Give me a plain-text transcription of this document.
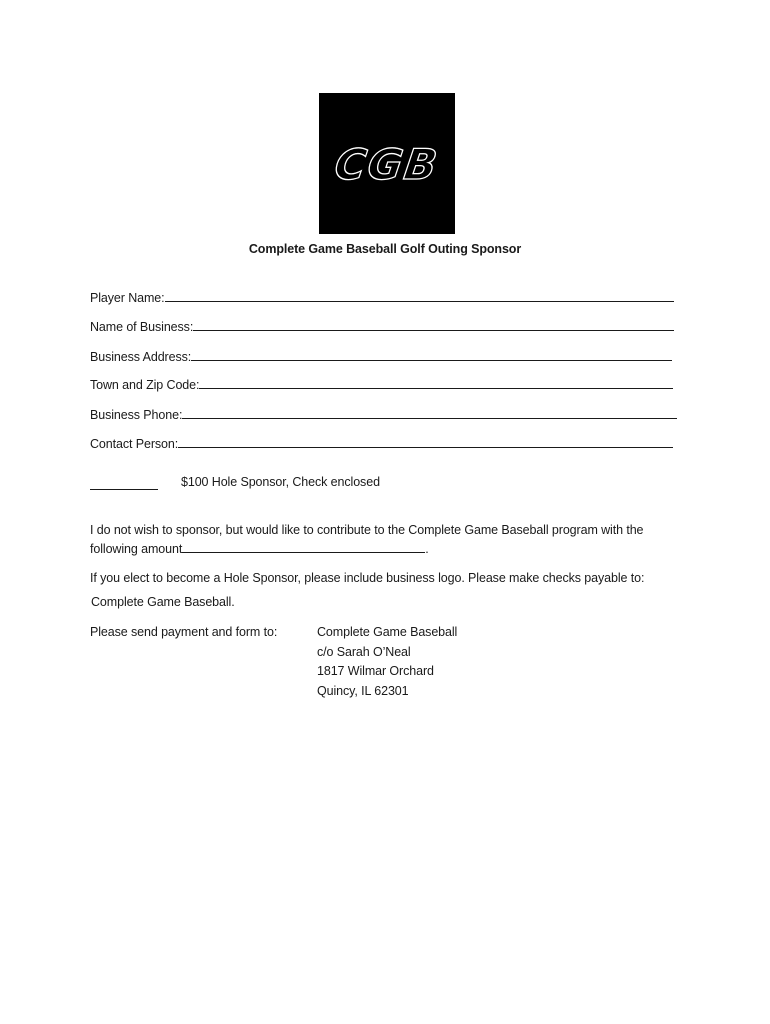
CGB
Complete Game Baseball Golf Outing Sponsor
Player Name:
Name of Business:
Business Address:
Town and Zip Code:
Business Phone:
Contact Person:
$100 Hole Sponsor, Check enclosed
I do not wish to sponsor, but would like to contribute to the Complete Game Baseball program with the
following amount	.
If you elect to become a Hole Sponsor, please include business logo. Please make checks payable to:
Complete Game Baseball.
Please send payment and form to:	Complete Game Baseball
c/o Sarah O’Neal
1817 Wilmar Orchard
Quincy, IL 62301
